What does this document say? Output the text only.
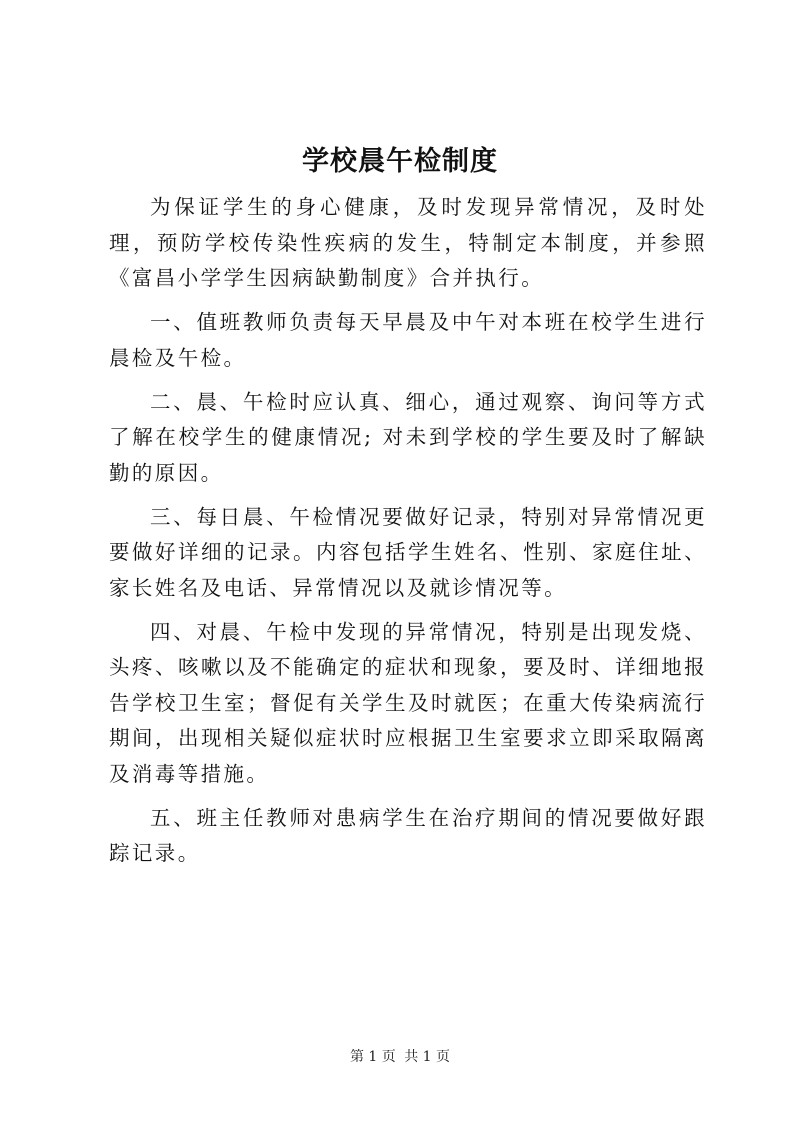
学校晨午检制度

为保证学生的身心健康，及时发现异常情况，及时处理，预防学校传染性疾病的发生，特制定本制度，并参照《富昌小学学生因病缺勤制度》合并执行。

一、值班教师负责每天早晨及中午对本班在校学生进行晨检及午检。

二、晨、午检时应认真、细心，通过观察、询问等方式了解在校学生的健康情况; 对未到学校的学生要及时了解缺勤的原因。

三、每日晨、午检情况要做好记录，特别对异常情况更要做好详细的记录。内容包括学生姓名、性别、家庭住址、家长姓名及电话、异常情况以及就诊情况等。

四、对晨、午检中发现的异常情况，特别是出现发烧、头疼、咳嗽以及不能确定的症状和现象，要及时、详细地报告学校卫生室；督促有关学生及时就医；在重大传染病流行期间，出现相关疑似症状时应根据卫生室要求立即采取隔离及消毒等措施。

五、班主任教师对患病学生在治疗期间的情况要做好跟踪记录。

第 1 页 共 1 页
